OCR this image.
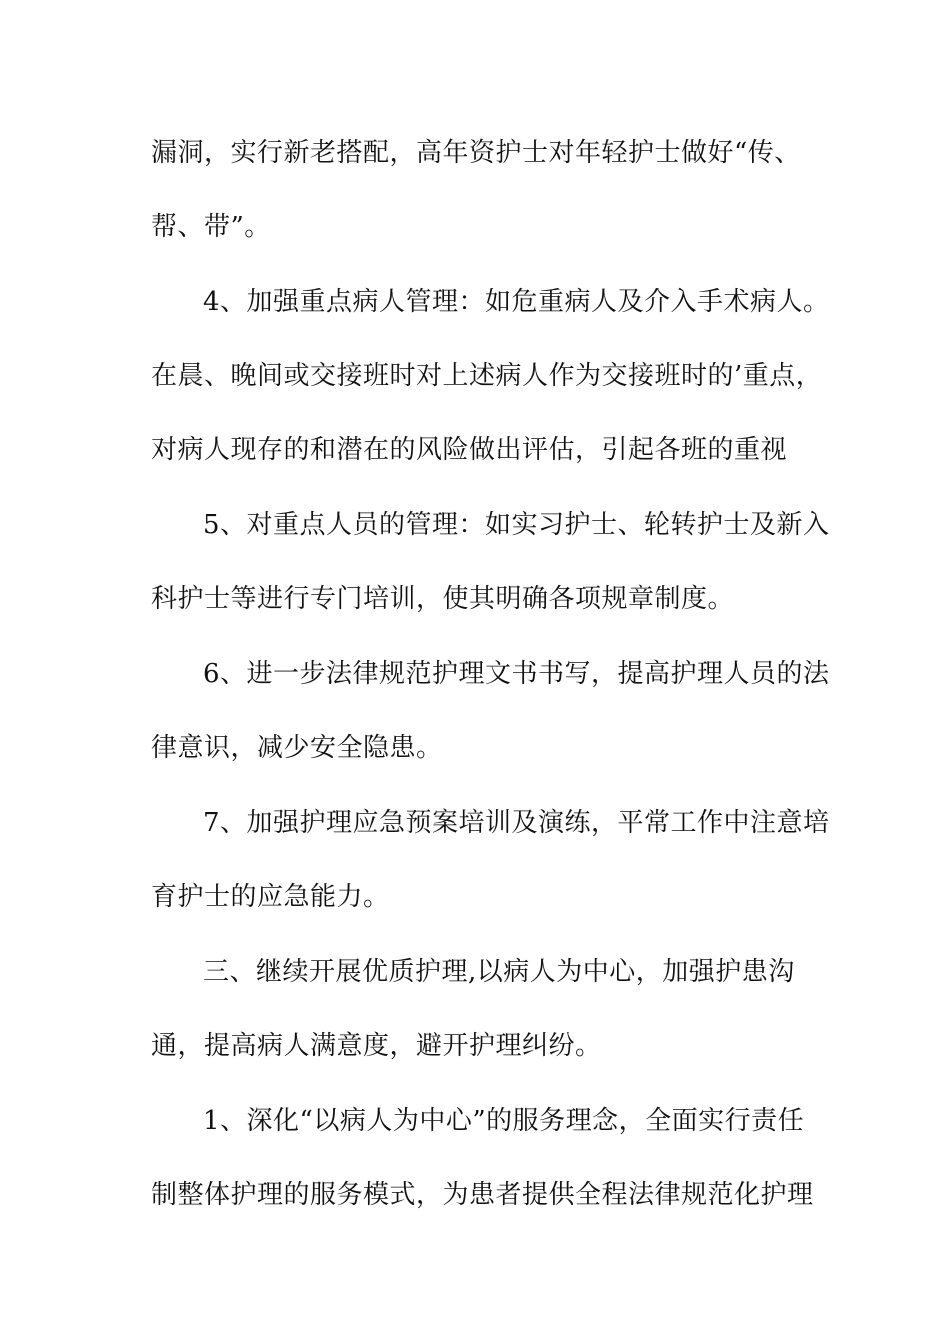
漏洞，实行新老搭配，高年资护士对年轻护士做好“传、
帮、带”。
4、加强重点病人管理：如危重病人及介入手术病人。
在晨、晚间或交接班时对上述病人作为交接班时的’重点，
对病人现存的和潜在的风险做出评估，引起各班的重视
5、对重点人员的管理：如实习护士、轮转护士及新入
科护士等进行专门培训，使其明确各项规章制度。
6、进一步法律规范护理文书书写，提高护理人员的法
律意识，减少安全隐患。
7、加强护理应急预案培训及演练，平常工作中注意培
育护士的应急能力。
三、继续开展优质护理,以病人为中心，加强护患沟
通，提高病人满意度，避开护理纠纷。
1、深化“以病人为中心”的服务理念，全面实行责任
制整体护理的服务模式，为患者提供全程法律规范化护理
